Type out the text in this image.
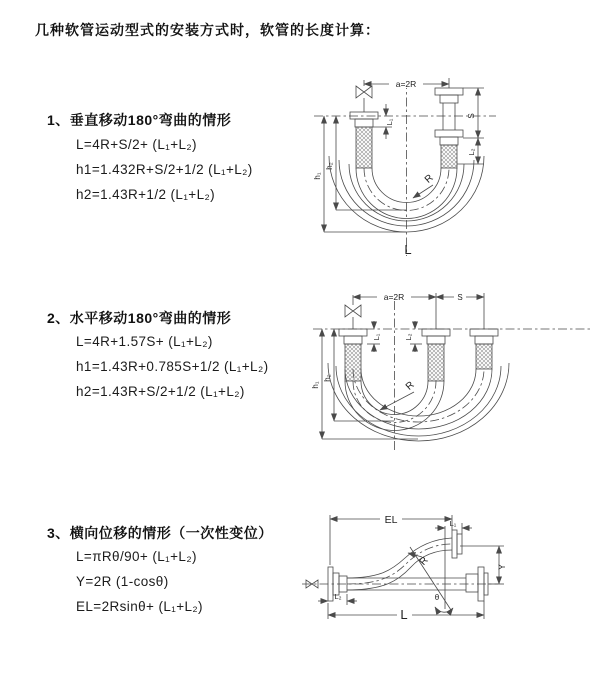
几种软管运动型式的安装方式时，软管的长度计算：
1、垂直移动180°弯曲的情形
L=4R+S/2+ (L₁+L₂)
h1=1.432R+S/2+1/2 (L₁+L₂)
h2=1.43R+1/2 (L₁+L₂)
2、水平移动180°弯曲的情形
L=4R+1.57S+ (L₁+L₂)
h1=1.43R+0.785S+1/2 (L₁+L₂)
h2=1.43R+S/2+1/2 (L₁+L₂)
3、横向位移的情形（一次性变位）
L=πRθ/90+ (L₁+L₂)
Y=2R (1-cosθ)
EL=2Rsinθ+ (L₁+L₂)
a=2R
S
L₂
h₁
h₂
L₁
R
L
a=2R	S
h₁
h₂
L₁	L₂
R
EL	L₁
θ
Y
R
L
L₂
